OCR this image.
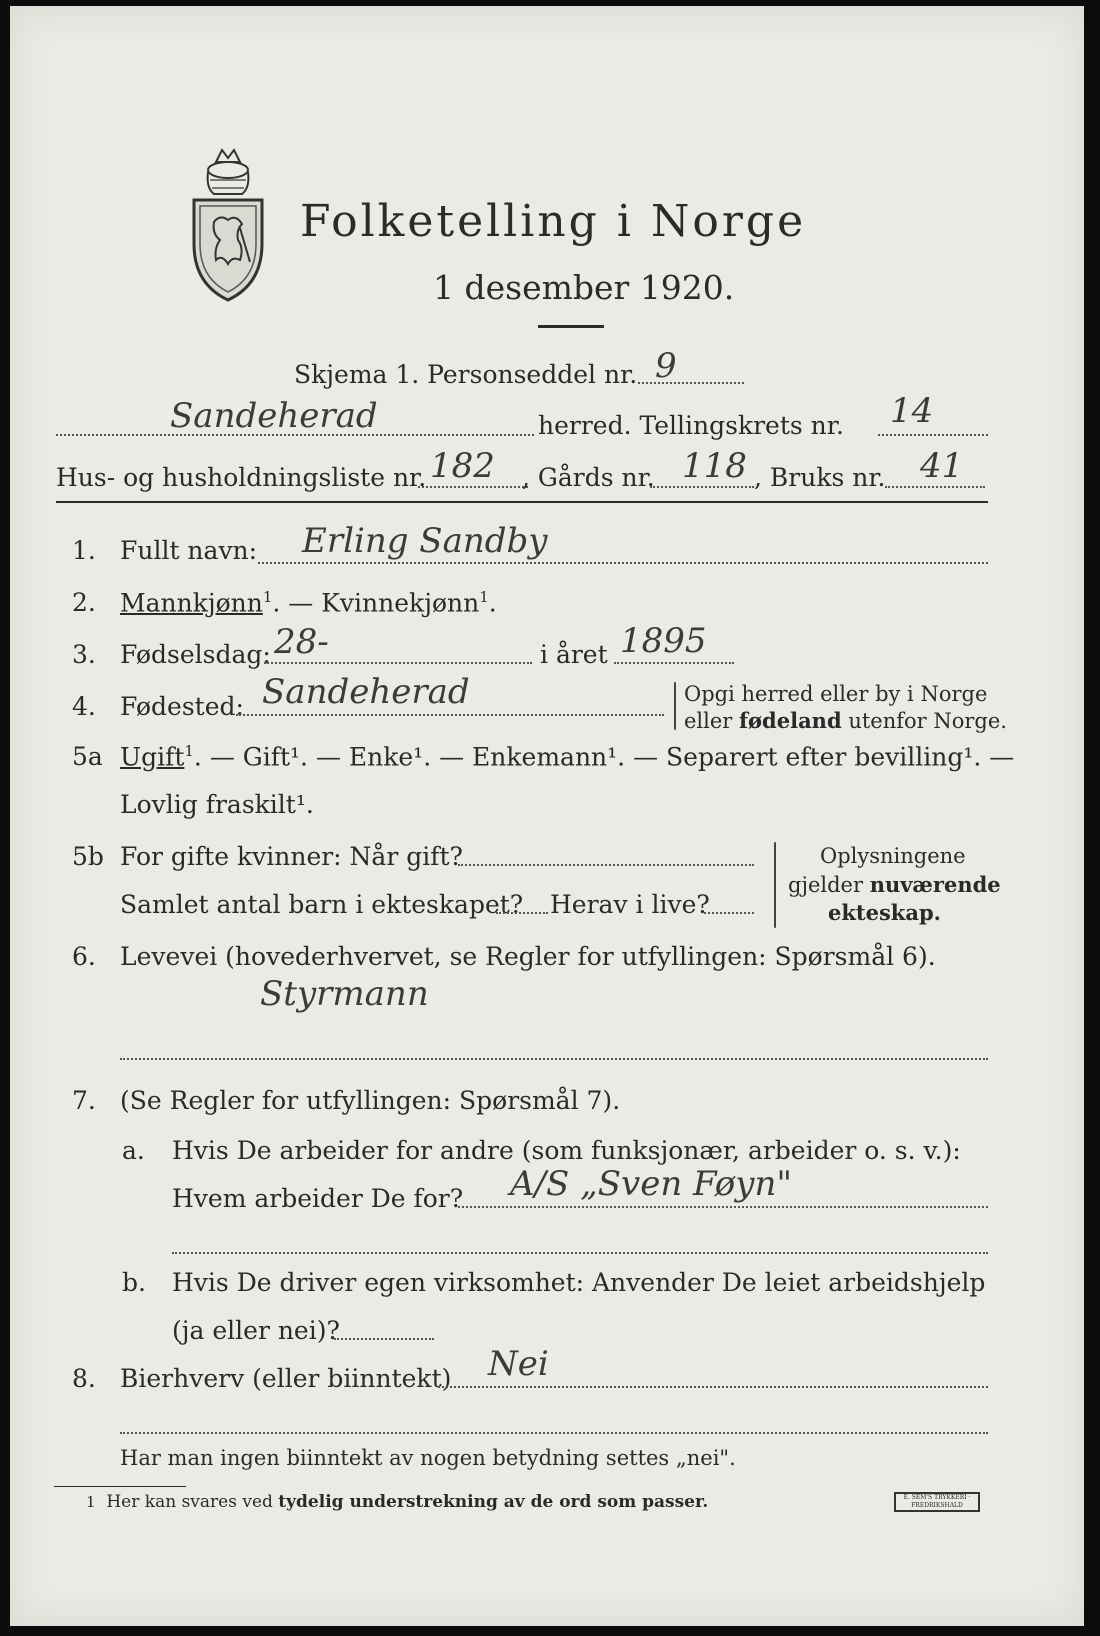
Folketelling i Norge
1 desember 1920.
Skjema 1. Personseddel nr. 9
Sandeherad	herred. Tellingskrets nr. 14
Hus- og husholdningsliste nr. 182 , Gårds nr. 118 , Bruks nr. 41
1. Fullt navn: Erling Sandby
2. Mannkjønn$^1$. — Kvinnekjønn$^1$.
3. Fødselsdag: 28-	i året 1895
4. Fødested: Sandeherad	Opgi herred eller by i Norge
eller fødeland utenfor Norge.
5a Ugift$^1$. — Gift¹. — Enke¹. — Enkemann¹. — Separert efter bevilling¹. —
Lovlig fraskilt¹.
5b For gifte kvinner: Når gift?
Samlet antal barn i ekteskapet? Herav i live?
Oplysningene
gjelder nuværende
ekteskap.
6. Levevei (hovederhvervet, se Regler for utfyllingen: Spørsmål 6).
Styrmann
7. (Se Regler for utfyllingen: Spørsmål 7).
a. Hvis De arbeider for andre (som funksjonær, arbeider o. s. v.):
Hvem arbeider De for? A/S „Sven Føyn"
b. Hvis De driver egen virksomhet: Anvender De leiet arbeidshjelp
(ja eller nei)?
8. Bierhverv (eller biinntekt) Nei
Har man ingen biinntekt av nogen betydning settes „nei".
1 Her kan svares ved tydelig understrekning av de ord som passer.	E. SEM'S TRYKKERI · FREDRIKSHALD
